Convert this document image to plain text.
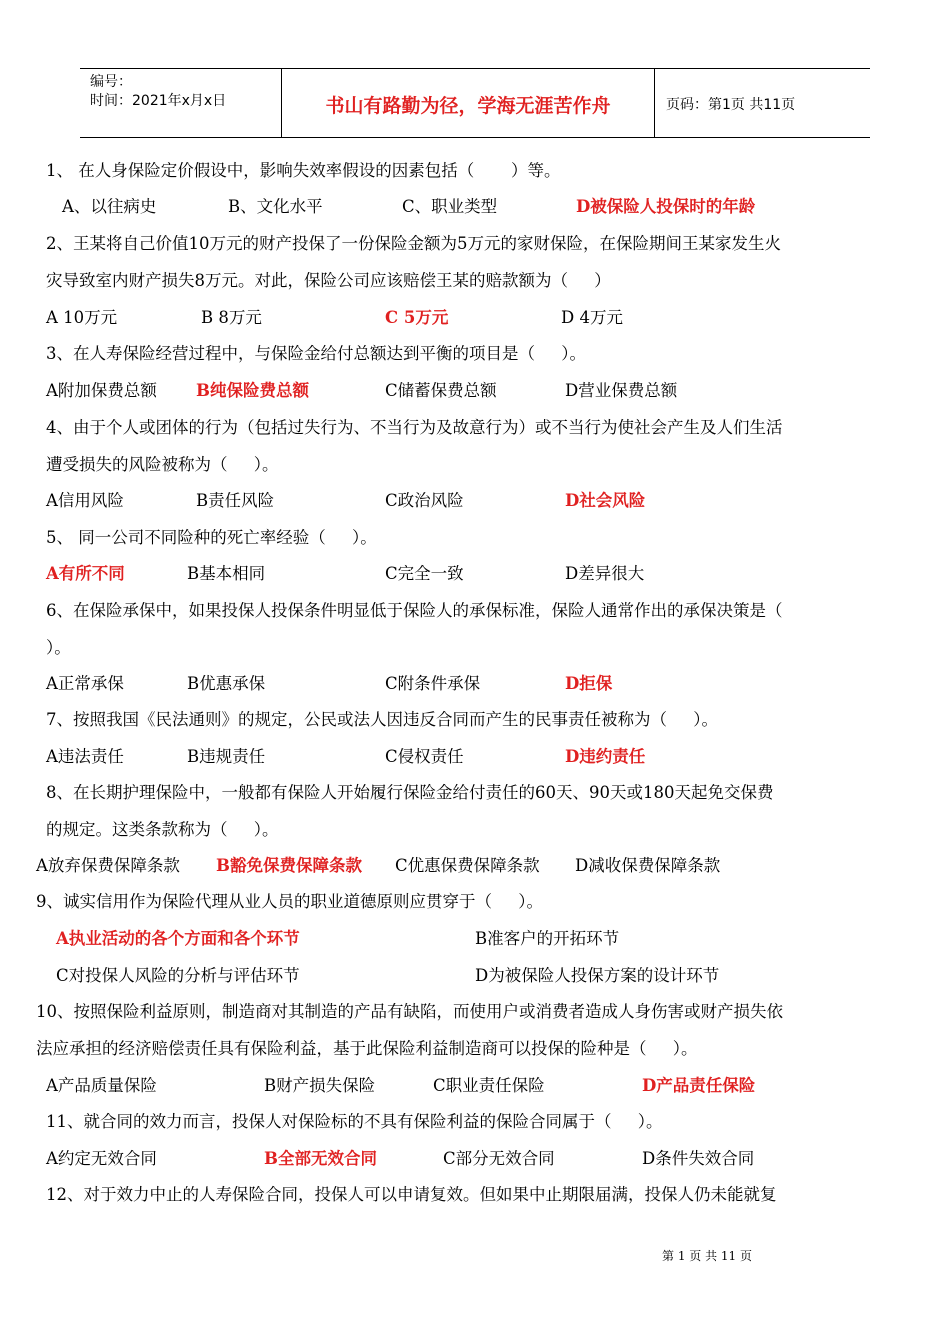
编号：
时间：2021年x月x日	书山有路勤为径，学海无涯苦作舟	页码：第1页 共11页
1、 在人身保险定价假设中，影响失效率假设的因素包括（       ）等。
A、以往病史	B、文化水平	C、职业类型	D被保险人投保时的年龄
2、王某将自己价值10万元的财产投保了一份保险金额为5万元的家财保险，在保险期间王某家发生火
灾导致室内财产损失8万元。对此，保险公司应该赔偿王某的赔款额为（     ）
A 10万元	B 8万元	C 5万元	D 4万元
3、在人寿保险经营过程中，与保险金给付总额达到平衡的项目是（     ）。
A附加保费总额 B纯保险费总额	C储蓄保费总额	D营业保费总额
4、由于个人或团体的行为（包括过失行为、不当行为及故意行为）或不当行为使社会产生及人们生活
遭受损失的风险被称为（     ）。
A信用风险	B责任风险	C政治风险	D社会风险
5、 同一公司不同险种的死亡率经验（     ）。
A有所不同	B基本相同	C完全一致	D差异很大
6、在保险承保中，如果投保人投保条件明显低于保险人的承保标准，保险人通常作出的承保决策是（
）。
A正常承保	B优惠承保	C附条件承保	D拒保
7、按照我国《民法通则》的规定，公民或法人因违反合同而产生的民事责任被称为（     ）。
A违法责任	B违规责任	C侵权责任	D违约责任
8、在长期护理保险中，一般都有保险人开始履行保险金给付责任的60天、90天或180天起免交保费
的规定。这类条款称为（     ）。
A放弃保费保障条款 B豁免保费保障条款 C优惠保费保障条款 D减收保费保障条款
9、诚实信用作为保险代理从业人员的职业道德原则应贯穿于（     ）。
A执业活动的各个方面和各个环节	B准客户的开拓环节
C对投保人风险的分析与评估环节	D为被保险人投保方案的设计环节
10、按照保险利益原则，制造商对其制造的产品有缺陷，而使用户或消费者造成人身伤害或财产损失依
法应承担的经济赔偿责任具有保险利益，基于此保险利益制造商可以投保的险种是（     ）。
A产品质量保险	B财产损失保险	C职业责任保险	D产品责任保险
11、就合同的效力而言，投保人对保险标的不具有保险利益的保险合同属于（     ）。
A约定无效合同	B全部无效合同	C部分无效合同	D条件失效合同
12、对于效力中止的人寿保险合同，投保人可以申请复效。但如果中止期限届满，投保人仍未能就复
第 1 页 共 11 页
